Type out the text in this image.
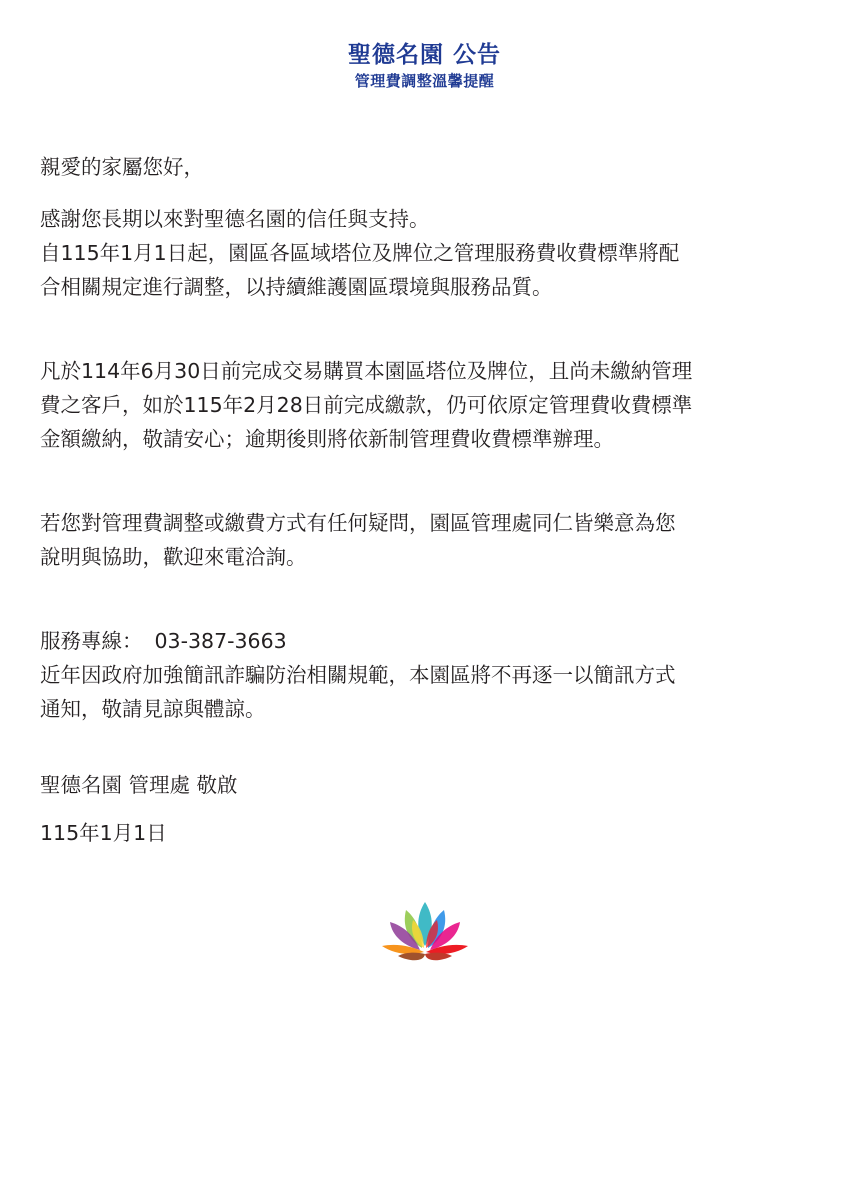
聖德名園 公告
管理費調整溫馨提醒

親愛的家屬您好，

感謝您長期以來對聖德名園的信任與支持。
自115年1月1日起，園區各區域塔位及牌位之管理服務費收費標準將配
合相關規定進行調整，以持續維護園區環境與服務品質。

凡於114年6月30日前完成交易購買本園區塔位及牌位，且尚未繳納管理
費之客戶，如於115年2月28日前完成繳款，仍可依原定管理費收費標準
金額繳納，敬請安心；逾期後則將依新制管理費收費標準辦理。

若您對管理費調整或繳費方式有任何疑問，園區管理處同仁皆樂意為您
說明與協助，歡迎來電洽詢。

服務專線： 03-387-3663

近年因政府加強簡訊詐騙防治相關規範，本園區將不再逐一以簡訊方式
通知，敬請見諒與體諒。

聖德名園 管理處 敬啟

115年1月1日
